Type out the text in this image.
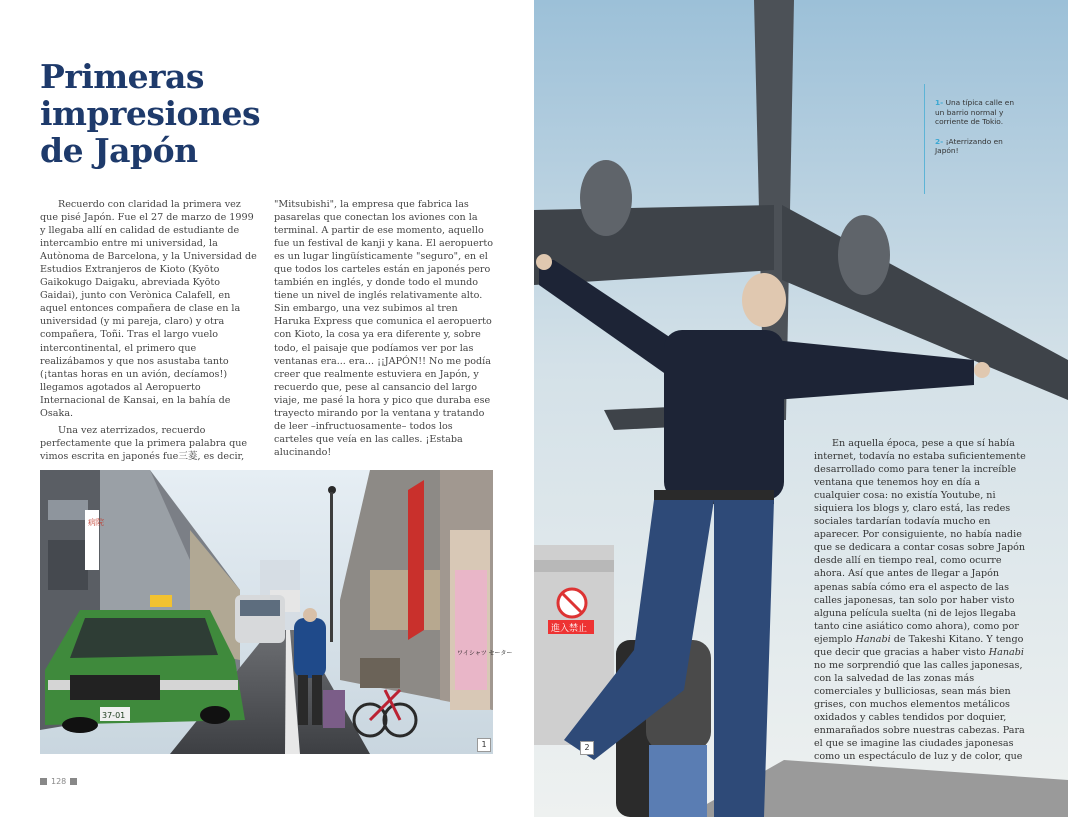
Primeras
impresiones
de Japón

Recuerdo con claridad la primera vez que pisé Japón. Fue el 27 de marzo de 1999 y llegaba allí en calidad de estudiante de intercambio entre mi universidad, la Autònoma de Barcelona, y la Universidad de Estudios Extranjeros de Kioto (Kyōto Gaikokugo Daigaku, abreviada Kyōto Gaidai), junto con Verònica Calafell, en aquel entonces compañera de clase en la universidad (y mi pareja, claro) y otra compañera, Toñi. Tras el largo vuelo intercontinental, el primero que realizábamos y que nos asustaba tanto (¡tantas horas en un avión, decíamos!) llegamos agotados al Aeropuerto Internacional de Kansai, en la bahía de Osaka.

Una vez aterrizados, recuerdo perfectamente que la primera palabra que vimos escrita en japonés fue三菱, es decir,

"Mitsubishi", la empresa que fabrica las pasarelas que conectan los aviones con la terminal. A partir de ese momento, aquello fue un festival de kanji y kana. El aeropuerto es un lugar lingüísticamente "seguro", en el que todos los carteles están en japonés pero también en inglés, y donde todo el mundo tiene un nivel de inglés relativamente alto. Sin embargo, una vez subimos al tren Haruka Express que comunica el aeropuerto con Kioto, la cosa ya era diferente y, sobre todo, el paisaje que podíamos ver por las ventanas era... era... ¡¡JAPÓN!! No me podía creer que realmente estuviera en Japón, y recuerdo que, pese al cansancio del largo viaje, me pasé la hora y pico que duraba ese trayecto mirando por la ventana y tratando de leer –infructuosamente– todos los carteles que veía en las calles. ¡Estaba alucinando!

病院
ワイシャツ セーター
37-01
1
128
進入禁止

1- Una típica calle en un barrio normal y corriente de Tokio.

2- ¡Aterrizando en Japón!

En aquella época, pese a que sí había internet, todavía no estaba suficientemente desarrollado como para tener la increíble ventana que tenemos hoy en día a cualquier cosa: no existía Youtube, ni siquiera los blogs y, claro está, las redes sociales tardarían todavía mucho en aparecer. Por consiguiente, no había nadie que se dedicara a contar cosas sobre Japón desde allí en tiempo real, como ocurre ahora. Así que antes de llegar a Japón apenas sabía cómo era el aspecto de las calles japonesas, tan solo por haber visto alguna película suelta (ni de lejos llegaba tanto cine asiático como ahora), como por ejemplo Hanabi de Takeshi Kitano. Y tengo que decir que gracias a haber visto Hanabi no me sorprendió que las calles japonesas, con la salvedad de las zonas más comerciales y bulliciosas, sean más bien grises, con muchos elementos metálicos oxidados y cables tendidos por doquier, enmarañados sobre nuestras cabezas. Para el que se imagine las ciudades japonesas como un espectáculo de luz y de color, que

2
